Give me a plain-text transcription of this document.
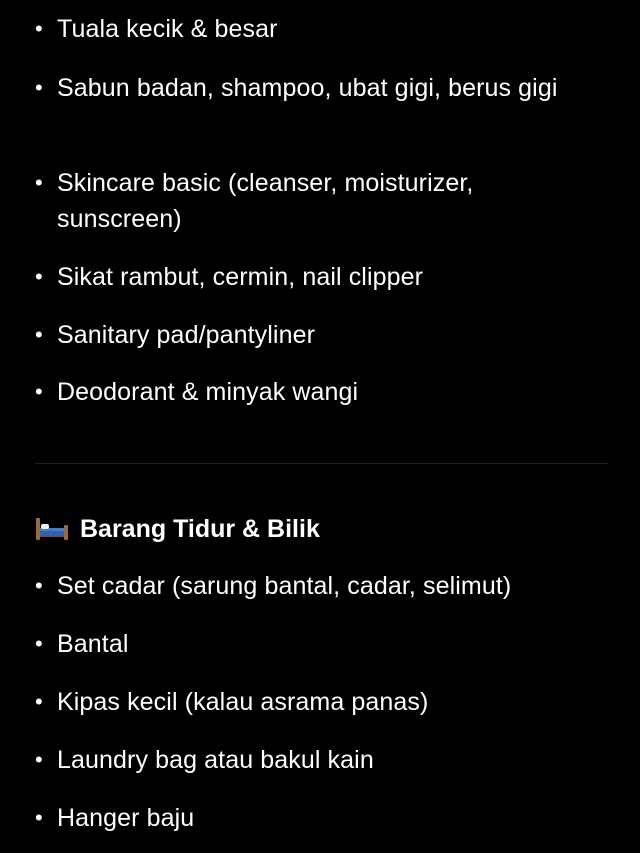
• Tuala kecik & besar
• Sabun badan, shampoo, ubat gigi, berus gigi
• Skincare basic (cleanser, moisturizer, sunscreen)
• Sikat rambut, cermin, nail clipper
• Sanitary pad/pantyliner
• Deodorant & minyak wangi
Barang Tidur & Bilik
• Set cadar (sarung bantal, cadar, selimut)
• Bantal
• Kipas kecil (kalau asrama panas)
• Laundry bag atau bakul kain
• Hanger baju
